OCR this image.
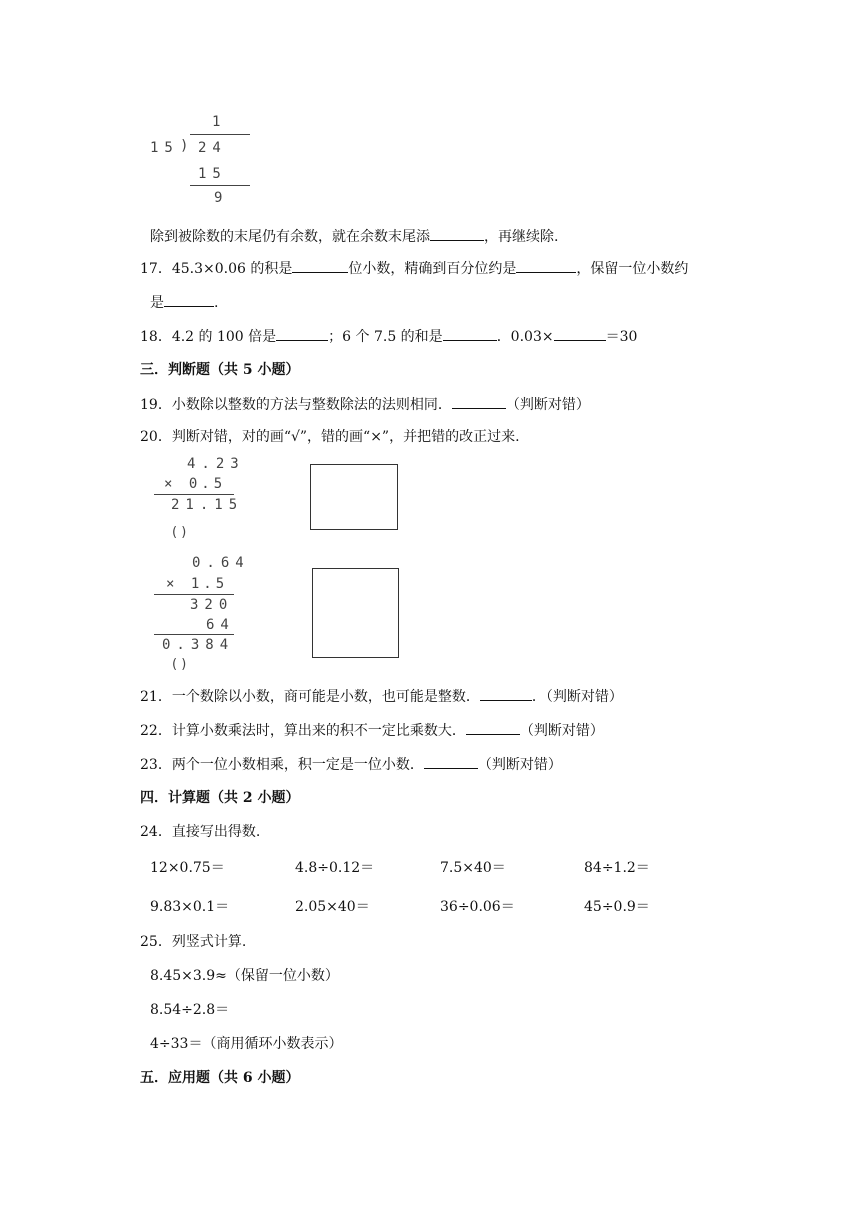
1
15 ) 24
15
9
除到被除数的末尾仍有余数，就在余数末尾添	，再继续除.
17．45.3×0.06 的积是	位小数，精确到百分位约是	，保留一位小数约
是	.
18．4.2 的 100 倍是	；6 个 7.5 的和是	．0.03×	＝30
三．判断题（共 5 小题）
19．小数除以整数的方法与整数除法的法则相同．	（判断对错）
20．判断对错，对的画“√”，错的画“×”，并把错的改正过来.
4.23
× 0.5
21.15
( )
0.64
× 1.5
320
64
0.384
( )
21．一个数除以小数，商可能是小数，也可能是整数．	．（判断对错）
22．计算小数乘法时，算出来的积不一定比乘数大．	（判断对错）
23．两个一位小数相乘，积一定是一位小数．	（判断对错）
四．计算题（共 2 小题）
24．直接写出得数.
12×0.75＝	4.8÷0.12＝	7.5×40＝	84÷1.2＝
9.83×0.1＝	2.05×40＝	36÷0.06＝	45÷0.9＝
25．列竖式计算.
8.45×3.9≈（保留一位小数）
8.54÷2.8＝
4÷33＝（商用循环小数表示）
五．应用题（共 6 小题）
